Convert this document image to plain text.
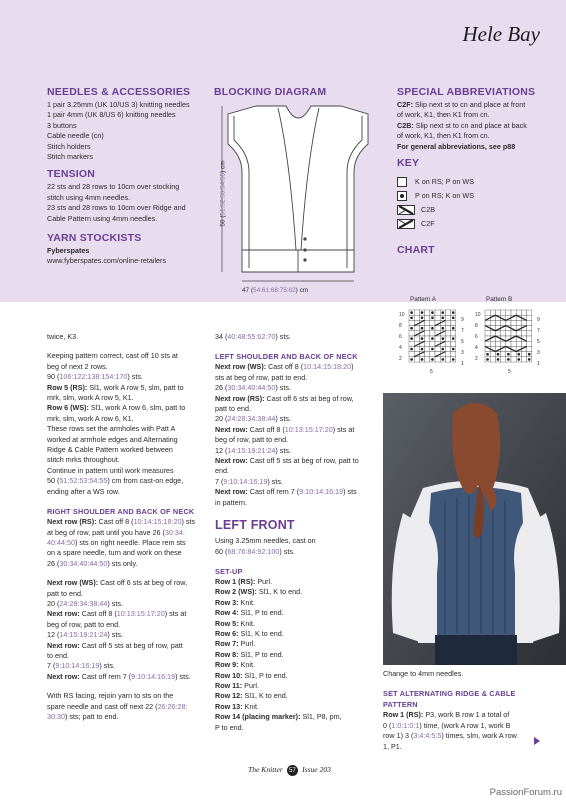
Hele Bay
NEEDLES & ACCESSORIES

1 pair 3.25mm (UK 10/US 3) knitting needles

1 pair 4mm (UK 8/US 6) knitting needles

3 buttons

Cable needle (cn)

Stitch holders

Stitch markers

TENSION

22 sts and 28 rows to 10cm over stocking

stitch using 4mm needles.

23 sts and 28 rows to 10cm over Ridge and

Cable Pattern using 4mm needles.

YARN STOCKISTS

Fyberspates

www.fyberspates.com/online-retailers

BLOCKING DIAGRAM
50 (51:52:53:54:55) cm
47 (54:61:68:75:82) cm
SPECIAL ABBREVIATIONS

C2F: Slip next st to cn and place at front

of work, K1, then K1 from cn.

C2B: Slip next st to cn and place at back

of work, K1, then K1 from cn.

For general abbreviations, see p88

KEY
K on RS; P on WS
P on RS; K on WS
C2B
C2F
CHART
Pattern A	Pattern B
10
8
6
4
2
9
7
5
3
1
5
10
8
6
4
2
9
7
5
3
1
5

twice, K3.

Keeping pattern correct, cast off 10 sts at

beg of next 2 rows.

90 (106:122:138:154:170) sts.

Row 5 (RS): Sl1, work A row 5, slm, patt to

mrk, slm, work A row 5, K1.

Row 6 (WS): Sl1, work A row 6, slm, patt to

mrk, slm, work A row 6, K1.

These rows set the armholes with Patt A

worked at armhole edges and Alternating

Ridge & Cable Pattern worked between

stitch mrks throughout.

Continue in pattern until work measures

50 (51:52:53:54:55) cm from cast-on edge,

ending after a WS row.

RIGHT SHOULDER AND BACK OF NECK

Next row (RS): Cast off 8 (10:14:15:18:20) sts

at beg of row, patt until you have 26 (30:34:

40:44:50) sts on right needle. Place rem sts

on a spare needle, turn and work on these

26 (30:34:40:44:50) sts only.

Next row (WS): Cast off 6 sts at beg of row,

patt to end.

20 (24:28:34:38:44) sts.

Next row: Cast off 8 (10:13:15:17:20) sts at

beg of row, patt to end.

12 (14:15:19:21:24) sts.

Next row: Cast off 5 sts at beg of row, patt

to end.

7 (9:10:14:16:19) sts.

Next row: Cast off rem 7 (9:10:14:16:19) sts.

With RS facing, rejoin yarn to sts on the

spare needle and cast off next 22 (26:26:28:

30:30) sts; patt to end.

34 (40:48:55:62:70) sts.

LEFT SHOULDER AND BACK OF NECK

Next row (WS): Cast off 8 (10:14:15:18:20)

sts at beg of row, patt to end.

26 (30:34:40:44:50) sts.

Next row (RS): Cast off 6 sts at beg of row,

patt to end.

20 (24:28:34:38:44) sts.

Next row: Cast off 8 (10:13:15:17:20) sts at

beg of row, patt to end.

12 (14:15:19:21:24) sts.

Next row: Cast off 5 sts at beg of row, patt to

end.

7 (9:10:14:16:19) sts.

Next row: Cast off rem 7 (9:10:14:16:19) sts

in pattern.

LEFT FRONT

Using 3.25mm needles, cast on

60 (68:76:84:92:100) sts.

SET-UP

Row 1 (RS): Purl.

Row 2 (WS): Sl1, K to end.

Row 3: Knit.

Row 4: Sl1, P to end.

Row 5: Knit.

Row 6: Sl1, K to end.

Row 7: Purl.

Row 8: Sl1, P to end.

Row 9: Knit.

Row 10: Sl1, P to end.

Row 11: Purl.

Row 12: Sl1, K to end.

Row 13: Knit.

Row 14 (placing marker): Sl1, P8, pm,

P to end.

Change to 4mm needles.

SET ALTERNATING RIDGE & CABLE PATTERN

Row 1 (RS): P3, work B row 1 a total of

0 (1:0:1:0:1) time, (work A row 1, work B

row 1) 3 (3:4:4:5:5) times, slm, work A row

1, P1.

The Knitter 57 Issue 203
PassionForum.ru
